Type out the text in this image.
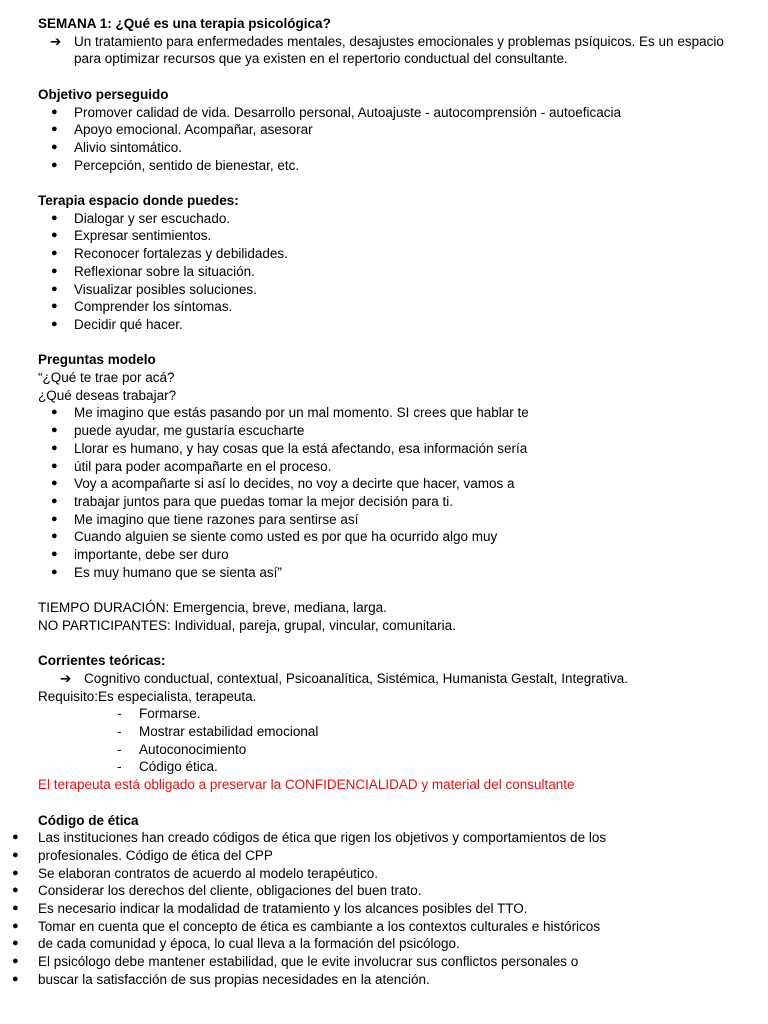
SEMANA 1: ¿Qué es una terapia psicológica?
➔ Un tratamiento para enfermedades mentales, desajustes emocionales y problemas psíquicos. Es un espacio para optimizar recursos que ya existen en el repertorio conductual del consultante.
Objetivo perseguido
● Promover calidad de vida. Desarrollo personal, Autoajuste - autocomprensión - autoeficacia
● Apoyo emocional. Acompañar, asesorar
● Alivio sintomático.
● Percepción, sentido de bienestar, etc.
Terapia espacio donde puedes:
● Dialogar y ser escuchado.
● Expresar sentimientos.
● Reconocer fortalezas y debilidades.
● Reflexionar sobre la situación.
● Visualizar posibles soluciones.
● Comprender los síntomas.
● Decidir qué hacer.
Preguntas modelo
“¿Qué te trae por acá?
¿Qué deseas trabajar?
● Me imagino que estás pasando por un mal momento. SI crees que hablar te
● puede ayudar, me gustaría escucharte
● Llorar es humano, y hay cosas que la está afectando, esa información sería
● útil para poder acompañarte en el proceso.
● Voy a acompañarte si así lo decides, no voy a decirte que hacer, vamos a
● trabajar juntos para que puedas tomar la mejor decisión para ti.
● Me imagino que tiene razones para sentirse así
● Cuando alguien se siente como usted es por que ha ocurrido algo muy
● importante, debe ser duro
● Es muy humano que se sienta así”
TIEMPO DURACIÓN: Emergencia, breve, mediana, larga.
NO PARTICIPANTES: Individual, pareja, grupal, vincular, comunitaria.
Corrientes teóricas:
➔ Cognitivo conductual, contextual, Psicoanalítica, Sistémica, Humanista Gestalt, Integrativa.
Requisito:Es especialista, terapeuta.
- Formarse.
- Mostrar estabilidad emocional
- Autoconocimiento
- Código ética.
El terapeuta está obligado a preservar la CONFIDENCIALIDAD y material del consultante
Código de ética
● Las instituciones han creado códigos de ética que rigen los objetivos y comportamientos de los
● profesionales. Código de ética del CPP
● Se elaboran contratos de acuerdo al modelo terapéutico.
● Considerar los derechos del cliente, obligaciones del buen trato.
● Es necesario indicar la modalidad de tratamiento y los alcances posibles del TTO.
● Tomar en cuenta que el concepto de ética es cambiante a los contextos culturales e históricos
● de cada comunidad y época, lo cual lleva a la formación del psicólogo.
● El psicólogo debe mantener estabilidad, que le evite involucrar sus conflictos personales o
● buscar la satisfacción de sus propias necesidades en la atención.
